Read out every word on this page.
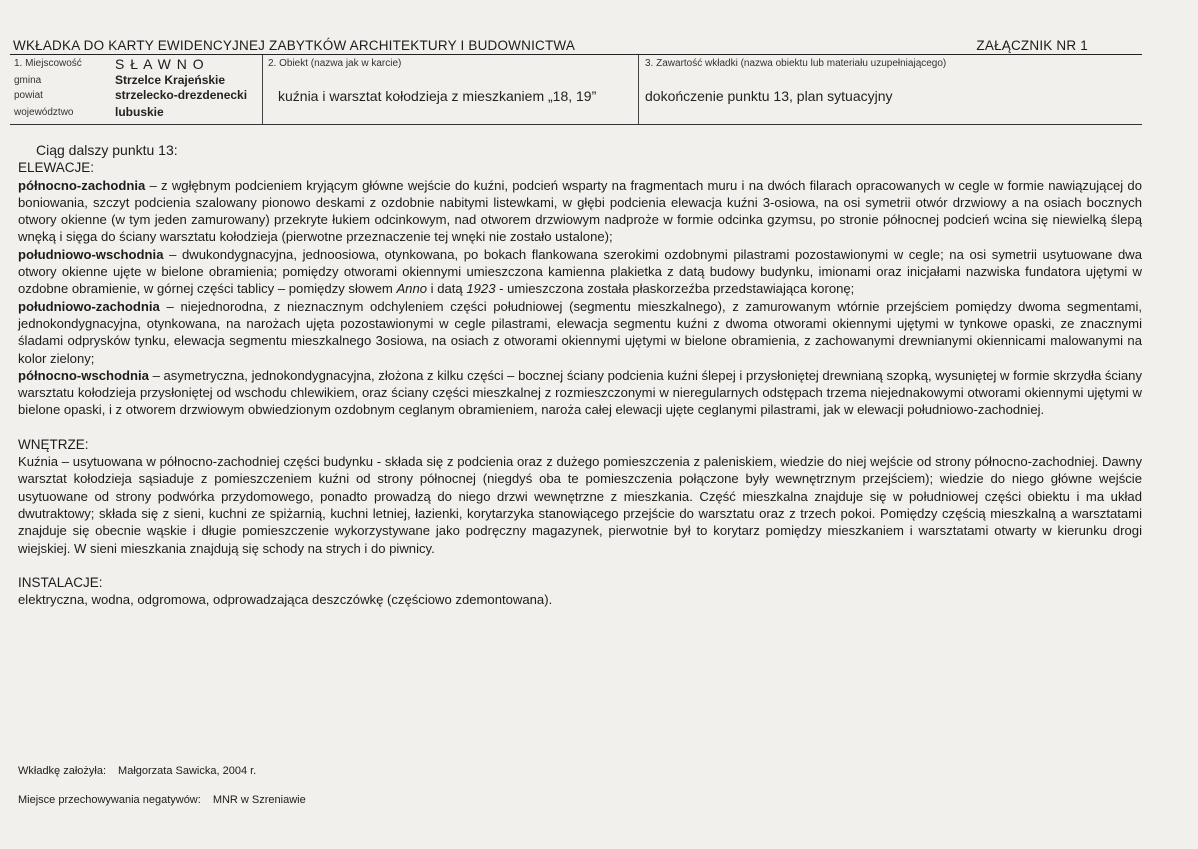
WKŁADKA DO KARTY EWIDENCYJNEJ ZABYTKÓW ARCHITEKTURY I BUDOWNICTWA	ZAŁĄCZNIK NR 1
1. Miejscowość S Ł A W N O
gmina	Strzelce Krajeńskie
powiat	strzelecko-drezdenecki
województwo	lubuskie
2. Obiekt (nazwa jak w karcie)
kuźnia i warsztat kołodzieja z mieszkaniem „18, 19”
3. Zawartość wkładki (nazwa obiektu lub materiału uzupełniającego)
dokończenie punktu 13, plan sytuacyjny

Ciąg dalszy punktu 13:

ELEWACJE:

północno-zachodnia – z wgłębnym podcieniem kryjącym główne wejście do kuźni, podcień wsparty na fragmentach muru i na dwóch filarach opracowanych w cegle w formie nawiązującej do boniowania, szczyt podcienia szalowany pionowo deskami z ozdobnie nabitymi listewkami, w głębi podcienia elewacja kuźni 3-osiowa, na osi symetrii otwór drzwiowy a na osiach bocznych otwory okienne (w tym jeden zamurowany) przekryte łukiem odcinkowym, nad otworem drzwiowym nadproże w formie odcinka gzymsu, po stronie północnej podcień wcina się niewielką ślepą wnęką i sięga do ściany warsztatu kołodzieja (pierwotne przeznaczenie tej wnęki nie zostało ustalone);

południowo-wschodnia – dwukondygnacyjna, jednoosiowa, otynkowana, po bokach flankowana szerokimi ozdobnymi pilastrami pozostawionymi w cegle; na osi symetrii usytuowane dwa otwory okienne ujęte w bielone obramienia; pomiędzy otworami okiennymi umieszczona kamienna plakietka z datą budowy budynku, imionami oraz inicjałami nazwiska fundatora ujętymi w ozdobne obramienie, w górnej części tablicy – pomiędzy słowem Anno i datą 1923 - umieszczona została płaskorzeźba przedstawiająca koronę;

południowo-zachodnia – niejednorodna, z nieznacznym odchyleniem części południowej (segmentu mieszkalnego), z zamurowanym wtórnie przejściem pomiędzy dwoma segmentami, jednokondygnacyjna, otynkowana, na narożach ujęta pozostawionymi w cegle pilastrami, elewacja segmentu kuźni z dwoma otworami okiennymi ujętymi w tynkowe opaski, ze znacznymi śladami odprysków tynku, elewacja segmentu mieszkalnego 3osiowa, na osiach z otworami okiennymi ujętymi w bielone obramienia, z zachowanymi drewnianymi okiennicami malowanymi na kolor zielony;

północno-wschodnia – asymetryczna, jednokondygnacyjna, złożona z kilku części – bocznej ściany podcienia kuźni ślepej i przysłoniętej drewnianą szopką, wysuniętej w formie skrzydła ściany warsztatu kołodzieja przysłoniętej od wschodu chlewikiem, oraz ściany części mieszkalnej z rozmieszczonymi w nieregularnych odstępach trzema niejednakowymi otworami okiennymi ujętymi w bielone opaski, i z otworem drzwiowym obwiedzionym ozdobnym ceglanym obramieniem, naroża całej elewacji ujęte ceglanymi pilastrami, jak w elewacji południowo-zachodniej.

WNĘTRZE:

Kuźnia – usytuowana w północno-zachodniej części budynku - składa się z podcienia oraz z dużego pomieszczenia z paleniskiem, wiedzie do niej wejście od strony północno-zachodniej. Dawny warsztat kołodzieja sąsiaduje z pomieszczeniem kuźni od strony północnej (niegdyś oba te pomieszczenia połączone były wewnętrznym przejściem); wiedzie do niego główne wejście usytuowane od strony podwórka przydomowego, ponadto prowadzą do niego drzwi wewnętrzne z mieszkania. Część mieszkalna znajduje się w południowej części obiektu i ma układ dwutraktowy; składa się z sieni, kuchni ze spiżarnią, kuchni letniej, łazienki, korytarzyka stanowiącego przejście do warsztatu oraz z trzech pokoi. Pomiędzy częścią mieszkalną a warsztatami znajduje się obecnie wąskie i długie pomieszczenie wykorzystywane jako podręczny magazynek, pierwotnie był to korytarz pomiędzy mieszkaniem i warsztatami otwarty w kierunku drogi wiejskiej. W sieni mieszkania znajdują się schody na strych i do piwnicy.

INSTALACJE:

elektryczna, wodna, odgromowa, odprowadzająca deszczówkę (częściowo zdemontowana).

Wkładkę założyła: Małgorzata Sawicka, 2004 r.
Miejsce przechowywania negatywów: MNR w Szreniawie
